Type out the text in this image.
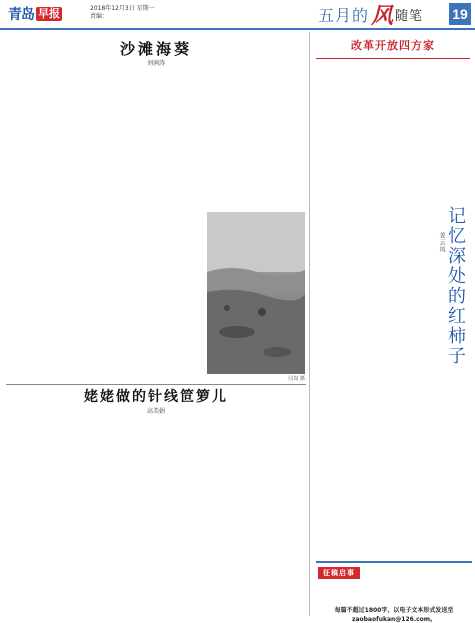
青岛 早报	2018年12月3日 星期一
责编：	五月的 风 随笔 19
沙滩海葵
刘润涛
闫岚 摄
姥姥做的针线笸箩儿
高美娟
改革开放四方家
记忆深处的红柿子
姜云凤
征稿启事
每篇不超过1800字，以电子文本形式发送至 zaobaofukan@126.com。
